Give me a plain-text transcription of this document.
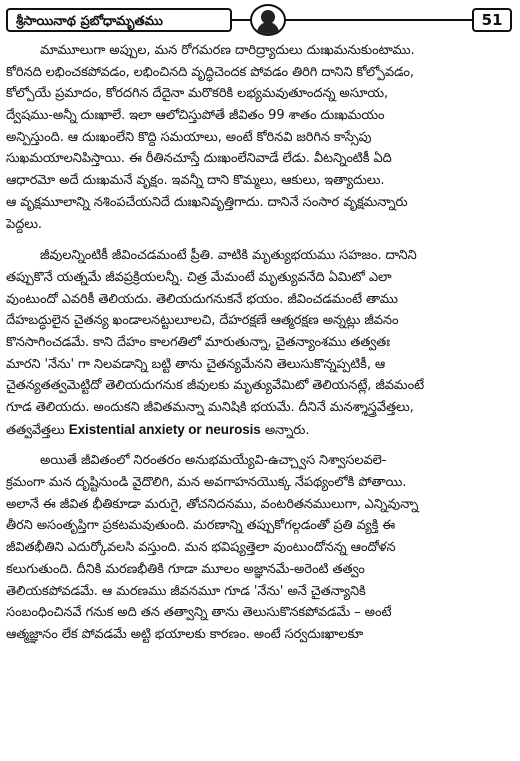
శ్రీసాయినాథ ప్రబోధామృతము	51
మామూలుగా అప్పుల, మన రోగమరణ దారిద్ర్యాదులు దుఃఖమనుకుంటాము.
కోరినది లభించకపోవడం, లభించినది వృద్ధిచెందక పోవడం తిరిగి దానిని కోల్పోవడం,
కోల్పోయే ప్రమాదం, కోరదగిన దేదైనా మరొకరికి లభ్యమవుతూందన్న అసూయ,
ద్వేషము-అన్నీ దుఃఖాలే. ఇలా ఆలోచిస్తుపోతే జీవితం 99 శాతం దుఃఖమయం
అన్పిస్తుంది. ఆ దుఃఖంలేని కొద్ది సమయాలు, అంటే కోరినవి జరిగిన కాస్సేపు
సుఖమయాలనిపిస్తాయి. ఈ రీతినచూస్తే దుఃఖంలేనివాడే లేడు. వీటన్నింటికీ ఏది
ఆధారమో అదే దుఃఖమనే వృక్షం. ఇవన్నీ దాని కొమ్మలు, ఆకులు, ఇత్యాదులు.
ఆ వృక్షమూలాన్ని నశింపచేయనిదే దుఃఖనివృత్తిగాదు. దానినే సంసార వృక్షమన్నారు
పెద్దలు.
జీవులన్నింటికీ జీవించడమంటే ప్రీతి. వాటికి మృత్యుభయము సహజం. దానిని
తప్పుకొనే యత్నమే జీవప్రక్రియలన్నీ. చిత్ర మేమంటే మృత్యువనేది ఏమిటో ఎలా
వుంటుందో ఎవరికీ తెలియదు. తెలియదుగనుకనే భయం. జీవించడమంటే తాము
దేహబద్ధులైన చైతన్య ఖండాలనట్టులూలచి, దేహరక్షణే ఆత్మరక్షణ అన్నట్లు జీవనం
కొనసాగించడమే. కాని దేహం కాలగతిలో మారుతున్నా, చైతన్యాంశము తత్వతః
మారని 'నేను' గా నిలవడాన్ని బట్టి తాను చైతన్యమేనని తెలుసుకొన్నప్పటికీ, ఆ
చైతన్యతత్వమెట్టిదో తెలియదుగనుక జీవులకు మృత్యువేమిటో తెలియనట్లే, జీవమంటే
గూడ తెలియదు. అందుకని జీవితమన్నా మనిషికి భయమే. దీనినే మనశ్శాస్త్రవేత్తలు,
తత్వవేత్తలు Existential anxiety or neurosis అన్నారు.
అయితే జీవితంలో నిరంతరం అనుభమయ్యేవి-ఉచ్చ్వాస నిశ్వాసలవలె-
క్రమంగా మన దృష్టినుండి వైదొలిగి, మన అవగాహనయొక్క నేపథ్యంలోకి పోతాయి.
అలానే ఈ జీవిత భీతికూడా మరుగై, తోచనిదనము, వంటరితనములుగా, ఎన్నివున్నా
తీరని అసంతృప్తిగా ప్రకటమవుతుంది. మరణాన్ని తప్పుకోగల్గడంతో ప్రతి వ్యక్తి ఈ
జీవితభీతిని ఎదుర్కోవలసి వస్తుంది. మన భవిష్యత్తెలా వుంటుందోనన్న ఆందోళన
కలుగుతుంది. దీనికి మరణభీతికి గూడా మూలం అజ్ఞానమే-అరెంటి తత్వం
తెలియకపోవడమే. ఆ మరణము జీవనమూ గూడ 'నేను' అనే చైతన్యానికి
సంబంధించినవే గనుక అది తన తత్వాన్ని తాను తెలుసుకొనకపోవడమే – అంటే
ఆత్మజ్ఞానం లేక పోవడమే అట్టి భయాలకు కారణం. అంటే సర్వదుఃఖాలకూ
